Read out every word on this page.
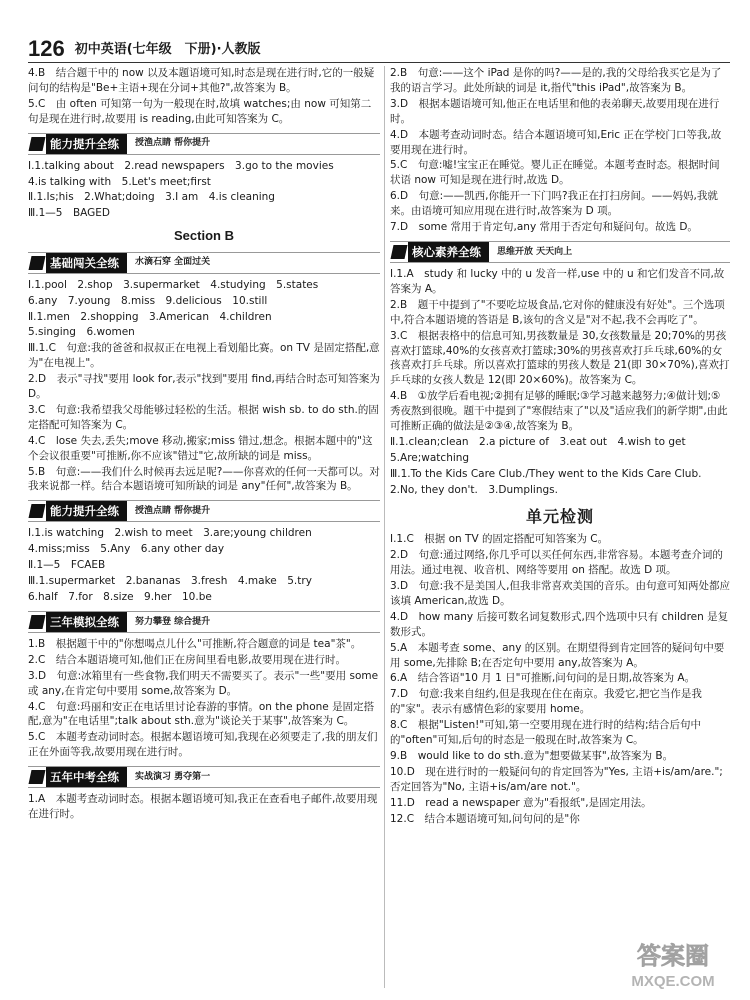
126 初中英语(七年级　下册)·人教版

4.B　结合题干中的 now 以及本题语境可知,时态是现在进行时,它的一般疑问句的结构是"Be+主语+现在分词+其他?",故答案为 B。

5.C　由 often 可知第一句为一般现在时,故填 watches;由 now 可知第二句是现在进行时,故要用 is reading,由此可知答案为 C。

能力提升全练	授渔点睛 帮你提升

Ⅰ.1.talking about　2.read newspapers　3.go to the movies

4.is talking with　5.Let's meet;first

Ⅱ.1.Is;his　2.What;doing　3.I am　4.is cleaning

Ⅲ.1—5　BAGED

Section B
基础闯关全练	水滴石穿 全面过关

Ⅰ.1.pool　2.shop　3.supermarket　4.studying　5.states

6.any　7.young　8.miss　9.delicious　10.still

Ⅱ.1.men　2.shopping　3.American　4.children

5.singing　6.women

Ⅲ.1.C　句意:我的爸爸和叔叔正在电视上看划船比赛。on TV 是固定搭配,意为"在电视上"。

2.D　表示"寻找"要用 look for,表示"找到"要用 find,再结合时态可知答案为 D。

3.C　句意:我希望我父母能够过轻松的生活。根据 wish sb. to do sth.的固定搭配可知答案为 C。

4.C　lose 失去,丢失;move 移动,搬家;miss 错过,想念。根据本题中的"这个会议很重要"可推断,你不应该"错过"它,故所缺的词是 miss。

5.B　句意:——我们什么时候再去远足呢?——你喜欢的任何一天都可以。对我来说都一样。结合本题语境可知所缺的词是 any"任何",故答案为 B。

能力提升全练	授渔点睛 帮你提升

Ⅰ.1.is watching　2.wish to meet　3.are;young children

4.miss;miss　5.Any　6.any other day

Ⅱ.1—5　FCAEB

Ⅲ.1.supermarket　2.bananas　3.fresh　4.make　5.try

6.half　7.for　8.size　9.her　10.be

三年模拟全练	努力攀登 综合提升

1.B　根据题干中的"你想喝点儿什么"可推断,符合题意的词是 tea"茶"。

2.C　结合本题语境可知,他们正在房间里看电影,故要用现在进行时。

3.D　句意:冰箱里有一些食物,我们明天不需要买了。表示"一些"要用 some 或 any,在肯定句中要用 some,故答案为 D。

4.C　句意:玛丽和安正在电话里讨论春游的事情。on the phone 是固定搭配,意为"在电话里";talk about sth.意为"谈论关于某事",故答案为 C。

5.C　本题考查动词时态。根据本题语境可知,我现在必须要走了,我的朋友们正在外面等我,故要用现在进行时。

五年中考全练	实战演习 勇夺第一

1.A　本题考查动词时态。根据本题语境可知,我正在查看电子邮件,故要用现在进行时。

2.B　句意:——这个 iPad 是你的吗?——是的,我的父母给我买它是为了我的语言学习。此处所缺的词是 it,指代"this iPad",故答案为 B。

3.D　根据本题语境可知,他正在电话里和他的表弟聊天,故要用现在进行时。

4.D　本题考查动词时态。结合本题语境可知,Eric 正在学校门口等我,故要用现在进行时。

5.C　句意:嘘!宝宝正在睡觉。婴儿正在睡觉。本题考查时态。根据时间状语 now 可知是现在进行时,故选 D。

6.D　句意:——凯西,你能开一下门吗?我正在打扫房间。——妈妈,我就来。由语境可知应用现在进行时,故答案为 D 项。

7.D　some 常用于肯定句,any 常用于否定句和疑问句。故选 D。

核心素养全练	思维开放 天天向上

Ⅰ.1.A　study 和 lucky 中的 u 发音一样,use 中的 u 和它们发音不同,故答案为 A。

2.B　题干中提到了"不要吃垃圾食品,它对你的健康没有好处"。三个选项中,符合本题语境的答语是 B,该句的含义是"对不起,我不会再吃了"。

3.C　根据表格中的信息可知,男孩数量是 30,女孩数量是 20;70%的男孩喜欢打篮球,40%的女孩喜欢打篮球;30%的男孩喜欢打乒乓球,60%的女孩喜欢打乒乓球。所以喜欢打篮球的男孩人数是 21(即 30×70%),喜欢打乒乓球的女孩人数是 12(即 20×60%)。故答案为 C。

4.B　①放学后看电视;②拥有足够的睡眠;③学习越来越努力;④做计划;⑤秀夜熬到很晚。题干中提到了"寒假结束了"以及"适应我们的新学期",由此可推断正确的做法是②③④,故答案为 B。

Ⅱ.1.clean;clean　2.a picture of　3.eat out　4.wish to get

5.Are;watching

Ⅲ.1.To the Kids Care Club./They went to the Kids Care Club.

2.No, they don't.　3.Dumplings.

单元检测

Ⅰ.1.C　根据 on TV 的固定搭配可知答案为 C。

2.D　句意:通过网络,你几乎可以买任何东西,非常容易。本题考查介词的用法。通过电视、收音机、网络等要用 on 搭配。故选 D 项。

3.D　句意:我不是美国人,但我非常喜欢美国的音乐。由句意可知两处都应该填 American,故选 D。

4.D　how many 后接可数名词复数形式,四个选项中只有 children 是复数形式。

5.A　本题考查 some、any 的区别。在期望得到肯定回答的疑问句中要用 some,先排除 B;在否定句中要用 any,故答案为 A。

6.A　结合答语"10 月 1 日"可推断,问句问的是日期,故答案为 A。

7.D　句意:我来自纽约,但是我现在住在南京。我爱它,把它当作是我的"家"。表示有感情色彩的家要用 home。

8.C　根据"Listen!"可知,第一空要用现在进行时的结构;结合后句中的"often"可知,后句的时态是一般现在时,故答案为 C。

9.B　would like to do sth.意为"想要做某事",故答案为 B。

10.D　现在进行时的一般疑问句的肯定回答为"Yes, 主语+is/am/are.";否定回答为"No, 主语+is/am/are not."。

11.D　read a newspaper 意为"看报纸",是固定用法。

12.C　结合本题语境可知,问句问的是"你

答案圈
MXQE.COM
